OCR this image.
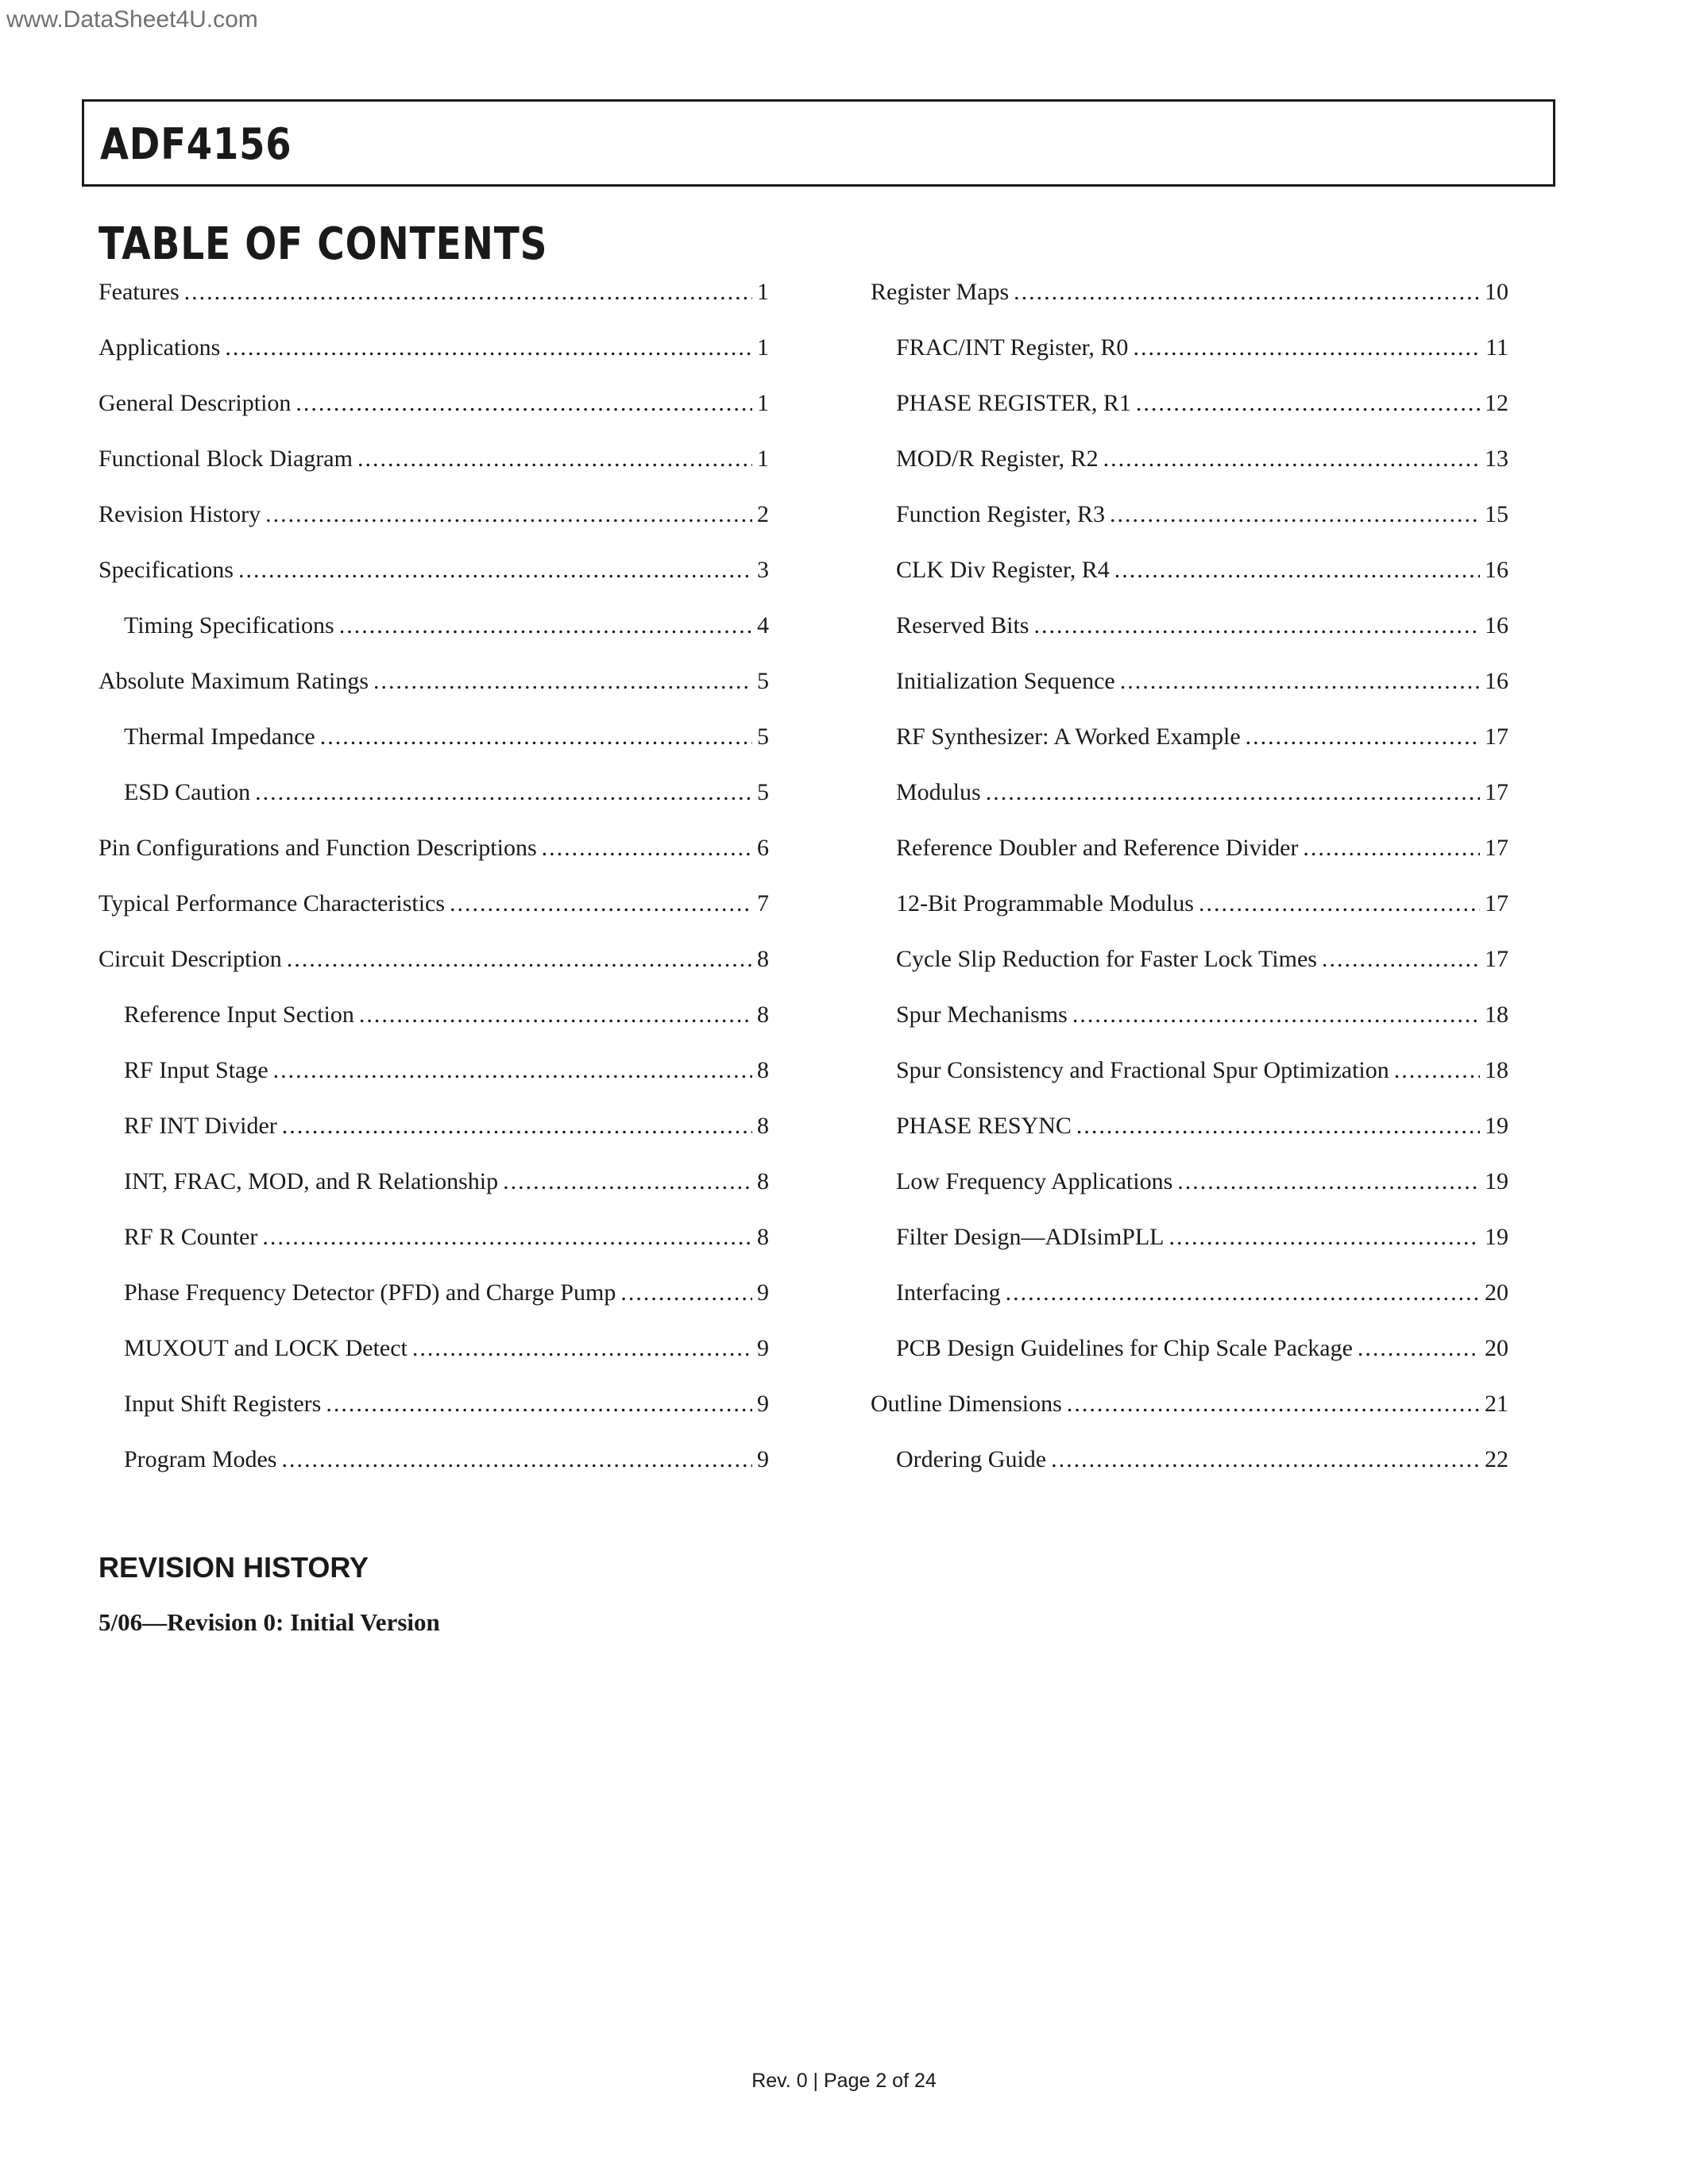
www.DataSheet4U.com
ADF4156
TABLE OF CONTENTS
Features .....	1
Applications .....	1
General Description .....	1
Functional Block Diagram .....	1
Revision History .....	2
Specifications .....	3
Timing Specifications .....	4
Absolute Maximum Ratings .....	5
Thermal Impedance .....	5
ESD Caution .....	5
Pin Configurations and Function Descriptions .....	6
Typical Performance Characteristics .....	7
Circuit Description .....	8
Reference Input Section .....	8
RF Input Stage .....	8
RF INT Divider .....	8
INT, FRAC, MOD, and R Relationship .....	8
RF R Counter .....	8
Phase Frequency Detector (PFD) and Charge Pump .....	9
MUXOUT and LOCK Detect .....	9
Input Shift Registers .....	9
Program Modes .....	9
Register Maps .....	10
FRAC/INT Register, R0 .....	11
PHASE REGISTER, R1 .....	12
MOD/R Register, R2 .....	13
Function Register, R3 .....	15
CLK Div Register, R4 .....	16
Reserved Bits .....	16
Initialization Sequence .....	16
RF Synthesizer: A Worked Example .....	17
Modulus .....	17
Reference Doubler and Reference Divider .....	17
12-Bit Programmable Modulus .....	17
Cycle Slip Reduction for Faster Lock Times .....	17
Spur Mechanisms .....	18
Spur Consistency and Fractional Spur Optimization .....	18
PHASE RESYNC .....	19
Low Frequency Applications .....	19
Filter Design—ADIsimPLL .....	19
Interfacing .....	20
PCB Design Guidelines for Chip Scale Package .....	20
Outline Dimensions .....	21
Ordering Guide .....	22
REVISION HISTORY
5/06—Revision 0: Initial Version
Rev. 0 | Page 2 of 24
